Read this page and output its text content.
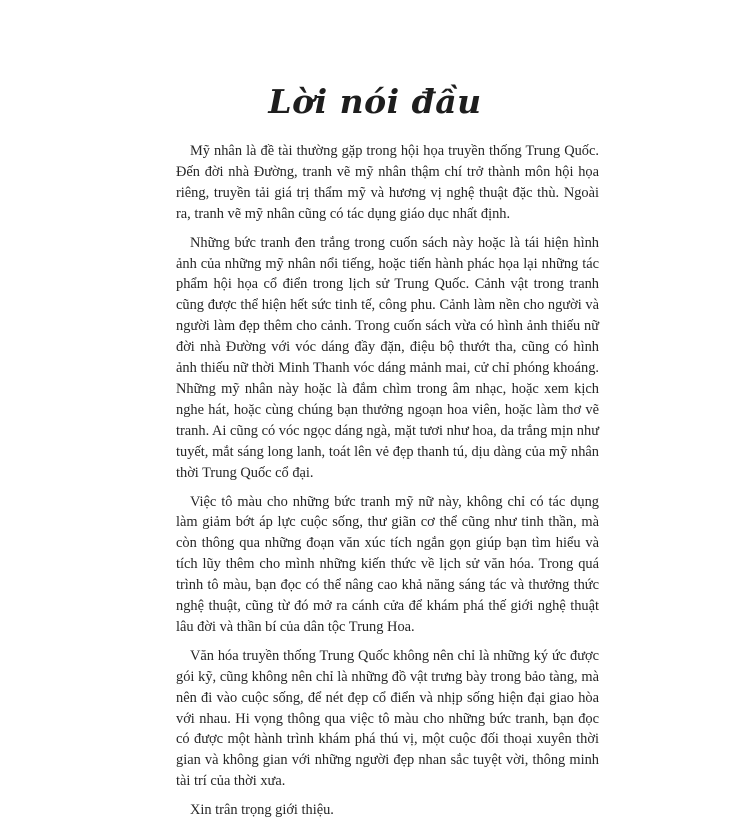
Lời nói đầu

Mỹ nhân là đề tài thường gặp trong hội họa truyền thống Trung Quốc. Đến đời nhà Đường, tranh vẽ mỹ nhân thậm chí trở thành môn hội họa riêng, truyền tải giá trị thẩm mỹ và hương vị nghệ thuật đặc thù. Ngoài ra, tranh vẽ mỹ nhân cũng có tác dụng giáo dục nhất định.

Những bức tranh đen trắng trong cuốn sách này hoặc là tái hiện hình ảnh của những mỹ nhân nổi tiếng, hoặc tiến hành phác họa lại những tác phẩm hội họa cổ điển trong lịch sử Trung Quốc. Cảnh vật trong tranh cũng được thể hiện hết sức tinh tế, công phu. Cảnh làm nền cho người và người làm đẹp thêm cho cảnh. Trong cuốn sách vừa có hình ảnh thiếu nữ đời nhà Đường với vóc dáng đầy đặn, điệu bộ thướt tha, cũng có hình ảnh thiếu nữ thời Minh Thanh vóc dáng mảnh mai, cử chỉ phóng khoáng. Những mỹ nhân này hoặc là đắm chìm trong âm nhạc, hoặc xem kịch nghe hát, hoặc cùng chúng bạn thưởng ngoạn hoa viên, hoặc làm thơ vẽ tranh. Ai cũng có vóc ngọc dáng ngà, mặt tươi như hoa, da trắng mịn như tuyết, mắt sáng long lanh, toát lên vẻ đẹp thanh tú, dịu dàng của mỹ nhân thời Trung Quốc cổ đại.

Việc tô màu cho những bức tranh mỹ nữ này, không chỉ có tác dụng làm giảm bớt áp lực cuộc sống, thư giãn cơ thể cũng như tinh thần, mà còn thông qua những đoạn văn xúc tích ngắn gọn giúp bạn tìm hiểu và tích lũy thêm cho mình những kiến thức về lịch sử văn hóa. Trong quá trình tô màu, bạn đọc có thể nâng cao khả năng sáng tác và thưởng thức nghệ thuật, cũng từ đó mở ra cánh cửa để khám phá thế giới nghệ thuật lâu đời và thần bí của dân tộc Trung Hoa.

Văn hóa truyền thống Trung Quốc không nên chỉ là những ký ức được gói kỹ, cũng không nên chỉ là những đồ vật trưng bày trong bảo tàng, mà nên đi vào cuộc sống, để nét đẹp cổ điển và nhịp sống hiện đại giao hòa với nhau. Hi vọng thông qua việc tô màu cho những bức tranh, bạn đọc có được một hành trình khám phá thú vị, một cuộc đối thoại xuyên thời gian và không gian với những người đẹp nhan sắc tuyệt vời, thông minh tài trí của thời xưa.

Xin trân trọng giới thiệu.
